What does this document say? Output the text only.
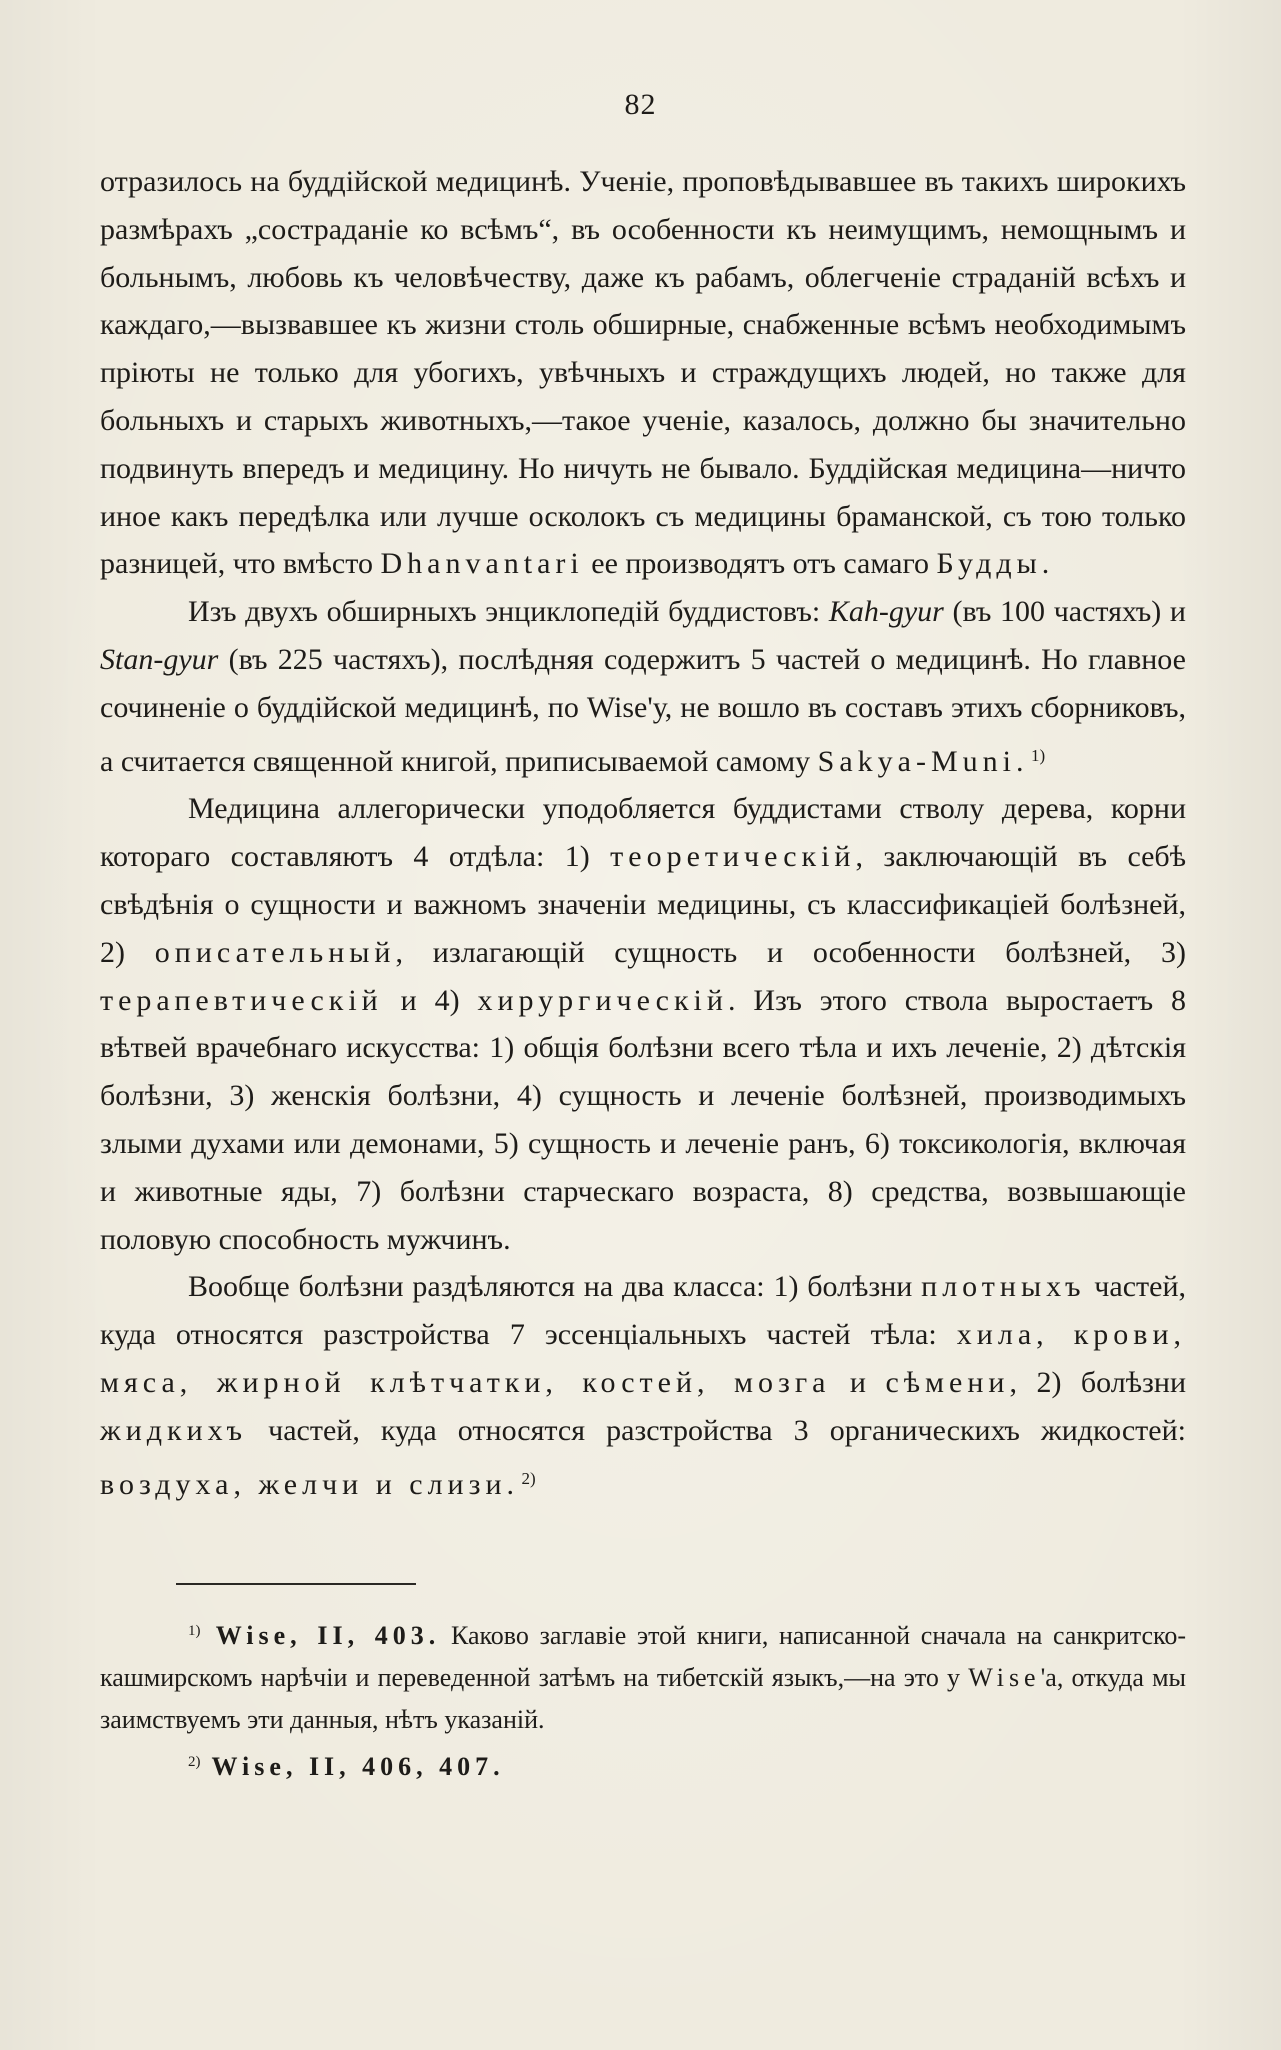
82

отразилось на буддійской медицинѣ. Ученіе, проповѣдывавшее въ такихъ широкихъ размѣрахъ „состраданіе ко всѣмъ“, въ особенности къ неимущимъ, немощнымъ и больнымъ, любовь къ человѣчеству, даже къ рабамъ, облегченіе страданій всѣхъ и каждаго,—вызвавшее къ жизни столь обширные, снабженные всѣмъ необходимымъ пріюты не только для убогихъ, увѣчныхъ и страждущихъ людей, но также для больныхъ и старыхъ животныхъ,—такое ученіе, казалось, должно бы значительно подвинуть впередъ и медицину. Но ничуть не бывало. Буддійская медицина—ничто иное какъ передѣлка или лучше осколокъ съ медицины браманской, съ тою только разницей, что вмѣсто Dhanvantari ее производятъ отъ самаго Будды.

Изъ двухъ обширныхъ энциклопедій буддистовъ: Kah-gyur (въ 100 частяхъ) и Stan-gyur (въ 225 частяхъ), послѣдняя содержитъ 5 частей о медицинѣ. Но главное сочиненіе о буддійской медицинѣ, по Wise'у, не вошло въ составъ этихъ сборниковъ, а считается священной книгой, приписываемой самому Sakya-Muni. $^{1)}$

Медицина аллегорически уподобляется буддистами стволу дерева, корни котораго составляютъ 4 отдѣла: 1) теоретическій, заключающій въ себѣ свѣдѣнія о сущности и важномъ значеніи медицины, съ классификаціей болѣзней, 2) описательный, излагающій сущность и особенности болѣзней, 3) терапевтическій и 4) хирургическій. Изъ этого ствола выростаетъ 8 вѣтвей врачебнаго искусства: 1) общія болѣзни всего тѣла и ихъ леченіе, 2) дѣтскія болѣзни, 3) женскія болѣзни, 4) сущность и леченіе болѣзней, производимыхъ злыми духами или демонами, 5) сущность и леченіе ранъ, 6) токсикологія, включая и животные яды, 7) болѣзни старческаго возраста, 8) средства, возвышающіе половую способность мужчинъ.

Вообще болѣзни раздѣляются на два класса: 1) болѣзни плотныхъ частей, куда относятся разстройства 7 эссенціальныхъ частей тѣла: хила, крови, мяса, жирной клѣтчатки, костей, мозга и сѣмени, 2) болѣзни жидкихъ частей, куда относятся разстройства 3 органическихъ жидкостей: воздуха, желчи и слизи. $^{2)}$

$^{1)}$ Wise, II, 403. Каково заглавіе этой книги, написанной сначала на санкритско-кашмирскомъ нарѣчіи и переведенной затѣмъ на тибетскій языкъ,—на это у Wise'а, откуда мы заимствуемъ эти данныя, нѣтъ указаній.

$^{2)}$ Wise, II, 406, 407.
